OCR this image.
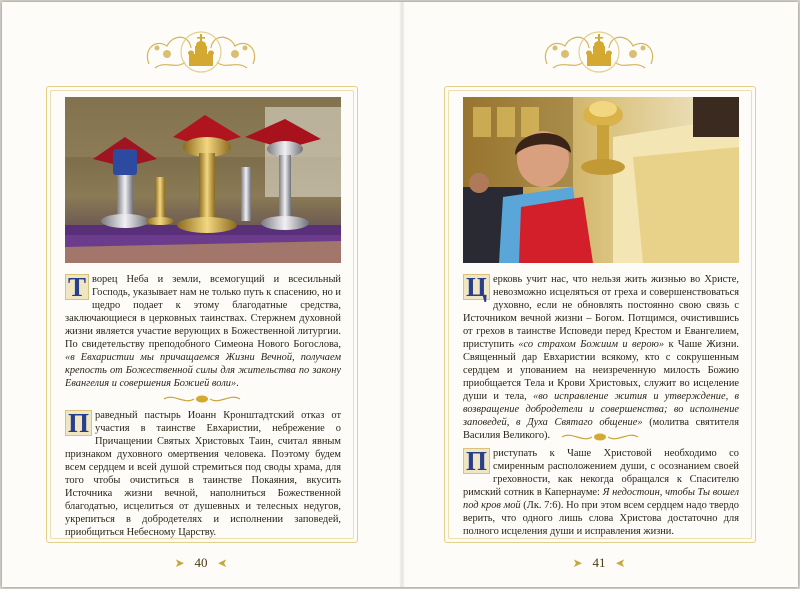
Т ворец Неба и земли, всемогущий и всесильный Господь, указывает нам не только путь к спасению, но и щедро подает к этому благодатные средства, заключающиеся в церковных таинствах. Стержнем духовной жизни является участие верующих в Божественной литургии. По свидетельству преподобного Симеона Нового Богослова, «в Евхаристии мы причащаемся Жизни Вечной, получаем крепость от Божественной силы для жительства по закону Евангелия и совершения Божией воли».

П раведный пастырь Иоанн Кронштадтский отказ от участия в таинстве Евхаристии, небрежение о Причащении Святых Христовых Таин, считал явным признаком духовного омертвения человека. Поэтому будем всем сердцем и всей душой стремиться под своды храма, для того чтобы очиститься в таинстве Покаяния, вкусить Источника жизни вечной, наполниться Божественной благодатью, исцелиться от душевных и телесных недугов, укрепиться в добродетелях и исполнении заповедей, приобщиться Небесному Царству.

➤ 40 ➤

Ц ерковь учит нас, что нельзя жить жизнью во Христе, невозможно исцеляться от греха и совершенствоваться духовно, если не обновлять постоянно свою связь с Источником вечной жизни – Богом. Потщимся, очистившись от грехов в таинстве Исповеди перед Крестом и Евангелием, приступить «со страхом Божиим и верою» к Чаше Жизни. Священный дар Евхаристии всякому, кто с сокрушенным сердцем и упованием на неизреченную милость Божию приобщается Тела и Крови Христовых, служит во исцеление души и тела, «во исправление жития и утверждение, в возвращение добродетели и совершенства; во исполнение заповедей, в Духа Святаго общение» (молитва святителя Василия Великого).

П риступать к Чаше Христовой необходимо со смиренным расположением души, с осознанием своей греховности, как некогда обращался к Спасителю римский сотник в Капернауме: Я недостоин, чтобы Ты вошел под кров мой (Лк. 7:6). Но при этом всем сердцем надо твердо верить, что одного лишь слова Христова достаточно для полного исцеления души и исправления жизни.

➤ 41 ➤
